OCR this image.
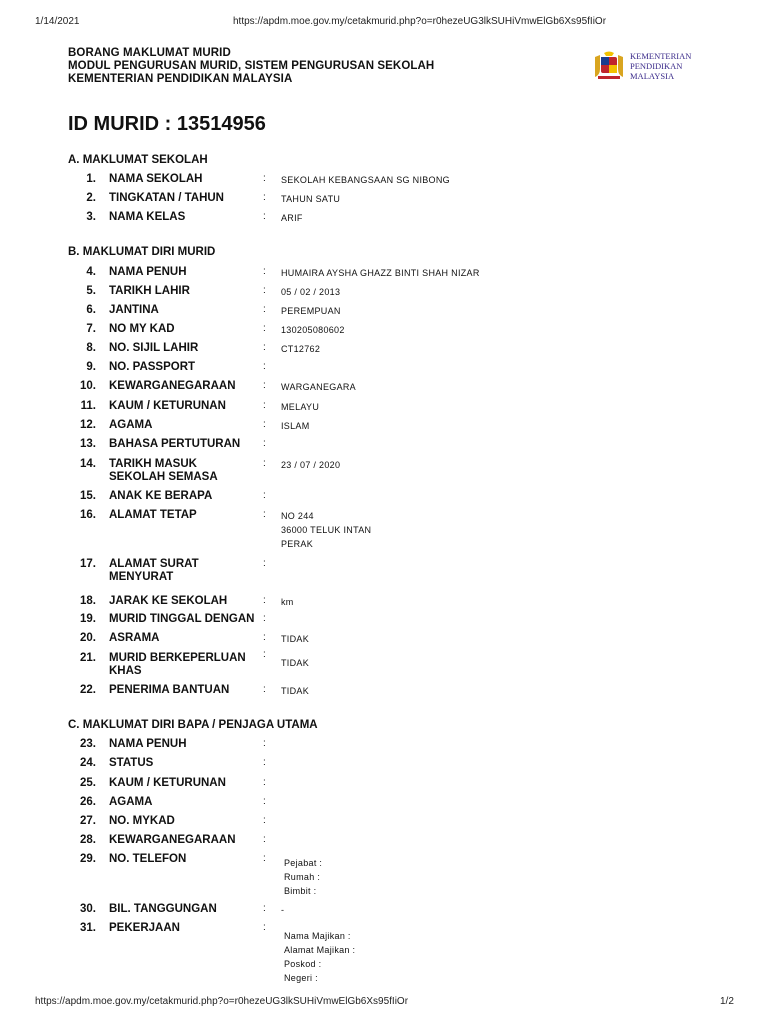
1/14/2021	https://apdm.moe.gov.my/cetakmurid.php?o=r0hezeUG3lkSUHiVmwElGb6Xs95fIiOr
BORANG MAKLUMAT MURID
MODUL PENGURUSAN MURID, SISTEM PENGURUSAN SEKOLAH
KEMENTERIAN PENDIDIKAN MALAYSIA
KEMENTERIAN
PENDIDIKAN
MALAYSIA
ID MURID : 13514956
A. MAKLUMAT SEKOLAH
B. MAKLUMAT DIRI MURID
C. MAKLUMAT DIRI BAPA / PENJAGA UTAMA
1. NAMA SEKOLAH	: SEKOLAH KEBANGSAAN SG NIBONG
2. TINGKATAN / TAHUN	: TAHUN SATU
3. NAMA KELAS	: ARIF
4. NAMA PENUH	: HUMAIRA AYSHA GHAZZ BINTI SHAH NIZAR
5. TARIKH LAHIR	: 05 / 02 / 2013
6. JANTINA	: PEREMPUAN
7. NO MY KAD	: 130205080602
8. NO. SIJIL LAHIR	: CT12762
9. NO. PASSPORT	:
10. KEWARGANEGARAAN	: WARGANEGARA
11. KAUM / KETURUNAN	: MELAYU
12. AGAMA	: ISLAM
13. BAHASA PERTUTURAN :
14. TARIKH MASUK
SEKOLAH SEMASA
: 23 / 07 / 2020
15. ANAK KE BERAPA	:
16. ALAMAT TETAP	: NO 244
36000 TELUK INTAN
PERAK
17. ALAMAT SURAT
MENYURAT
:
18. JARAK KE SEKOLAH	: km
19. MURID TINGGAL DENGAN :
20. ASRAMA	: TIDAK
21. MURID BERKEPERLUAN
KHAS
:
TIDAK
22. PENERIMA BANTUAN	: TIDAK
23. NAMA PENUH	:
24. STATUS	:
25. KAUM / KETURUNAN	:
26. AGAMA	:
27. NO. MYKAD	:
28. KEWARGANEGARAAN	:
29. NO. TELEFON	: Pejabat :
Rumah :
Bimbit :
30. BIL. TANGGUNGAN	: -
31. PEKERJAAN	:
Nama Majikan :
Alamat Majikan :
Poskod :
Negeri :
https://apdm.moe.gov.my/cetakmurid.php?o=r0hezeUG3lkSUHiVmwElGb6Xs95fIiOr	1/2
